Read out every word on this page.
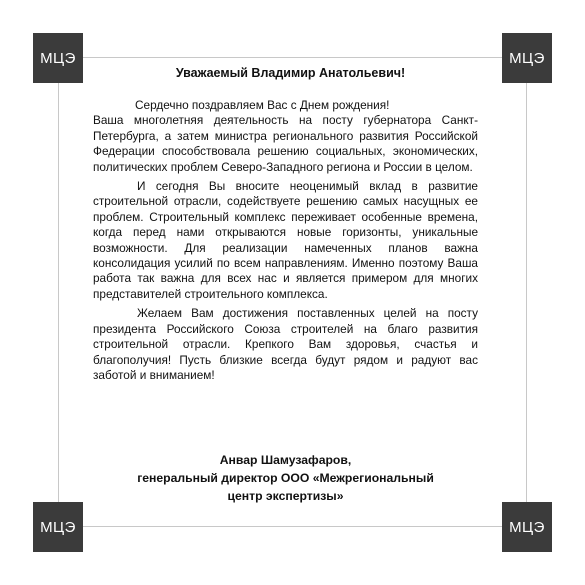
МЦЭ	МЦЭ
МЦЭ	МЦЭ
Уважаемый Владимир Анатольевич!

Сердечно поздравляем Вас с Днем рождения!

Ваша многолетняя деятельность на посту губернатора Санкт-Петербурга, а затем министра регионального развития Российской Федерации способствовала решению социальных, экономических, политических проблем Северо-Западного региона и России в целом.

И сегодня Вы вносите неоценимый вклад в развитие строительной отрасли, содействуете решению самых насущных ее проблем. Строительный комплекс переживает особенные времена, когда перед нами открываются новые горизонты, уникальные возможности. Для реализации намеченных планов важна консолидация усилий по всем направлениям. Именно поэтому Ваша работа так важна для всех нас и является примером для многих представителей строительного комплекса.

Желаем Вам достижения поставленных целей на посту президента Российского Союза строителей на благо развития строительной отрасли. Крепкого Вам здоровья, счастья и благополучия! Пусть близкие всегда будут рядом и радуют вас заботой и вниманием!

Анвар Шамузафаров,
генеральный директор ООО «Межрегиональный
центр экспертизы»
